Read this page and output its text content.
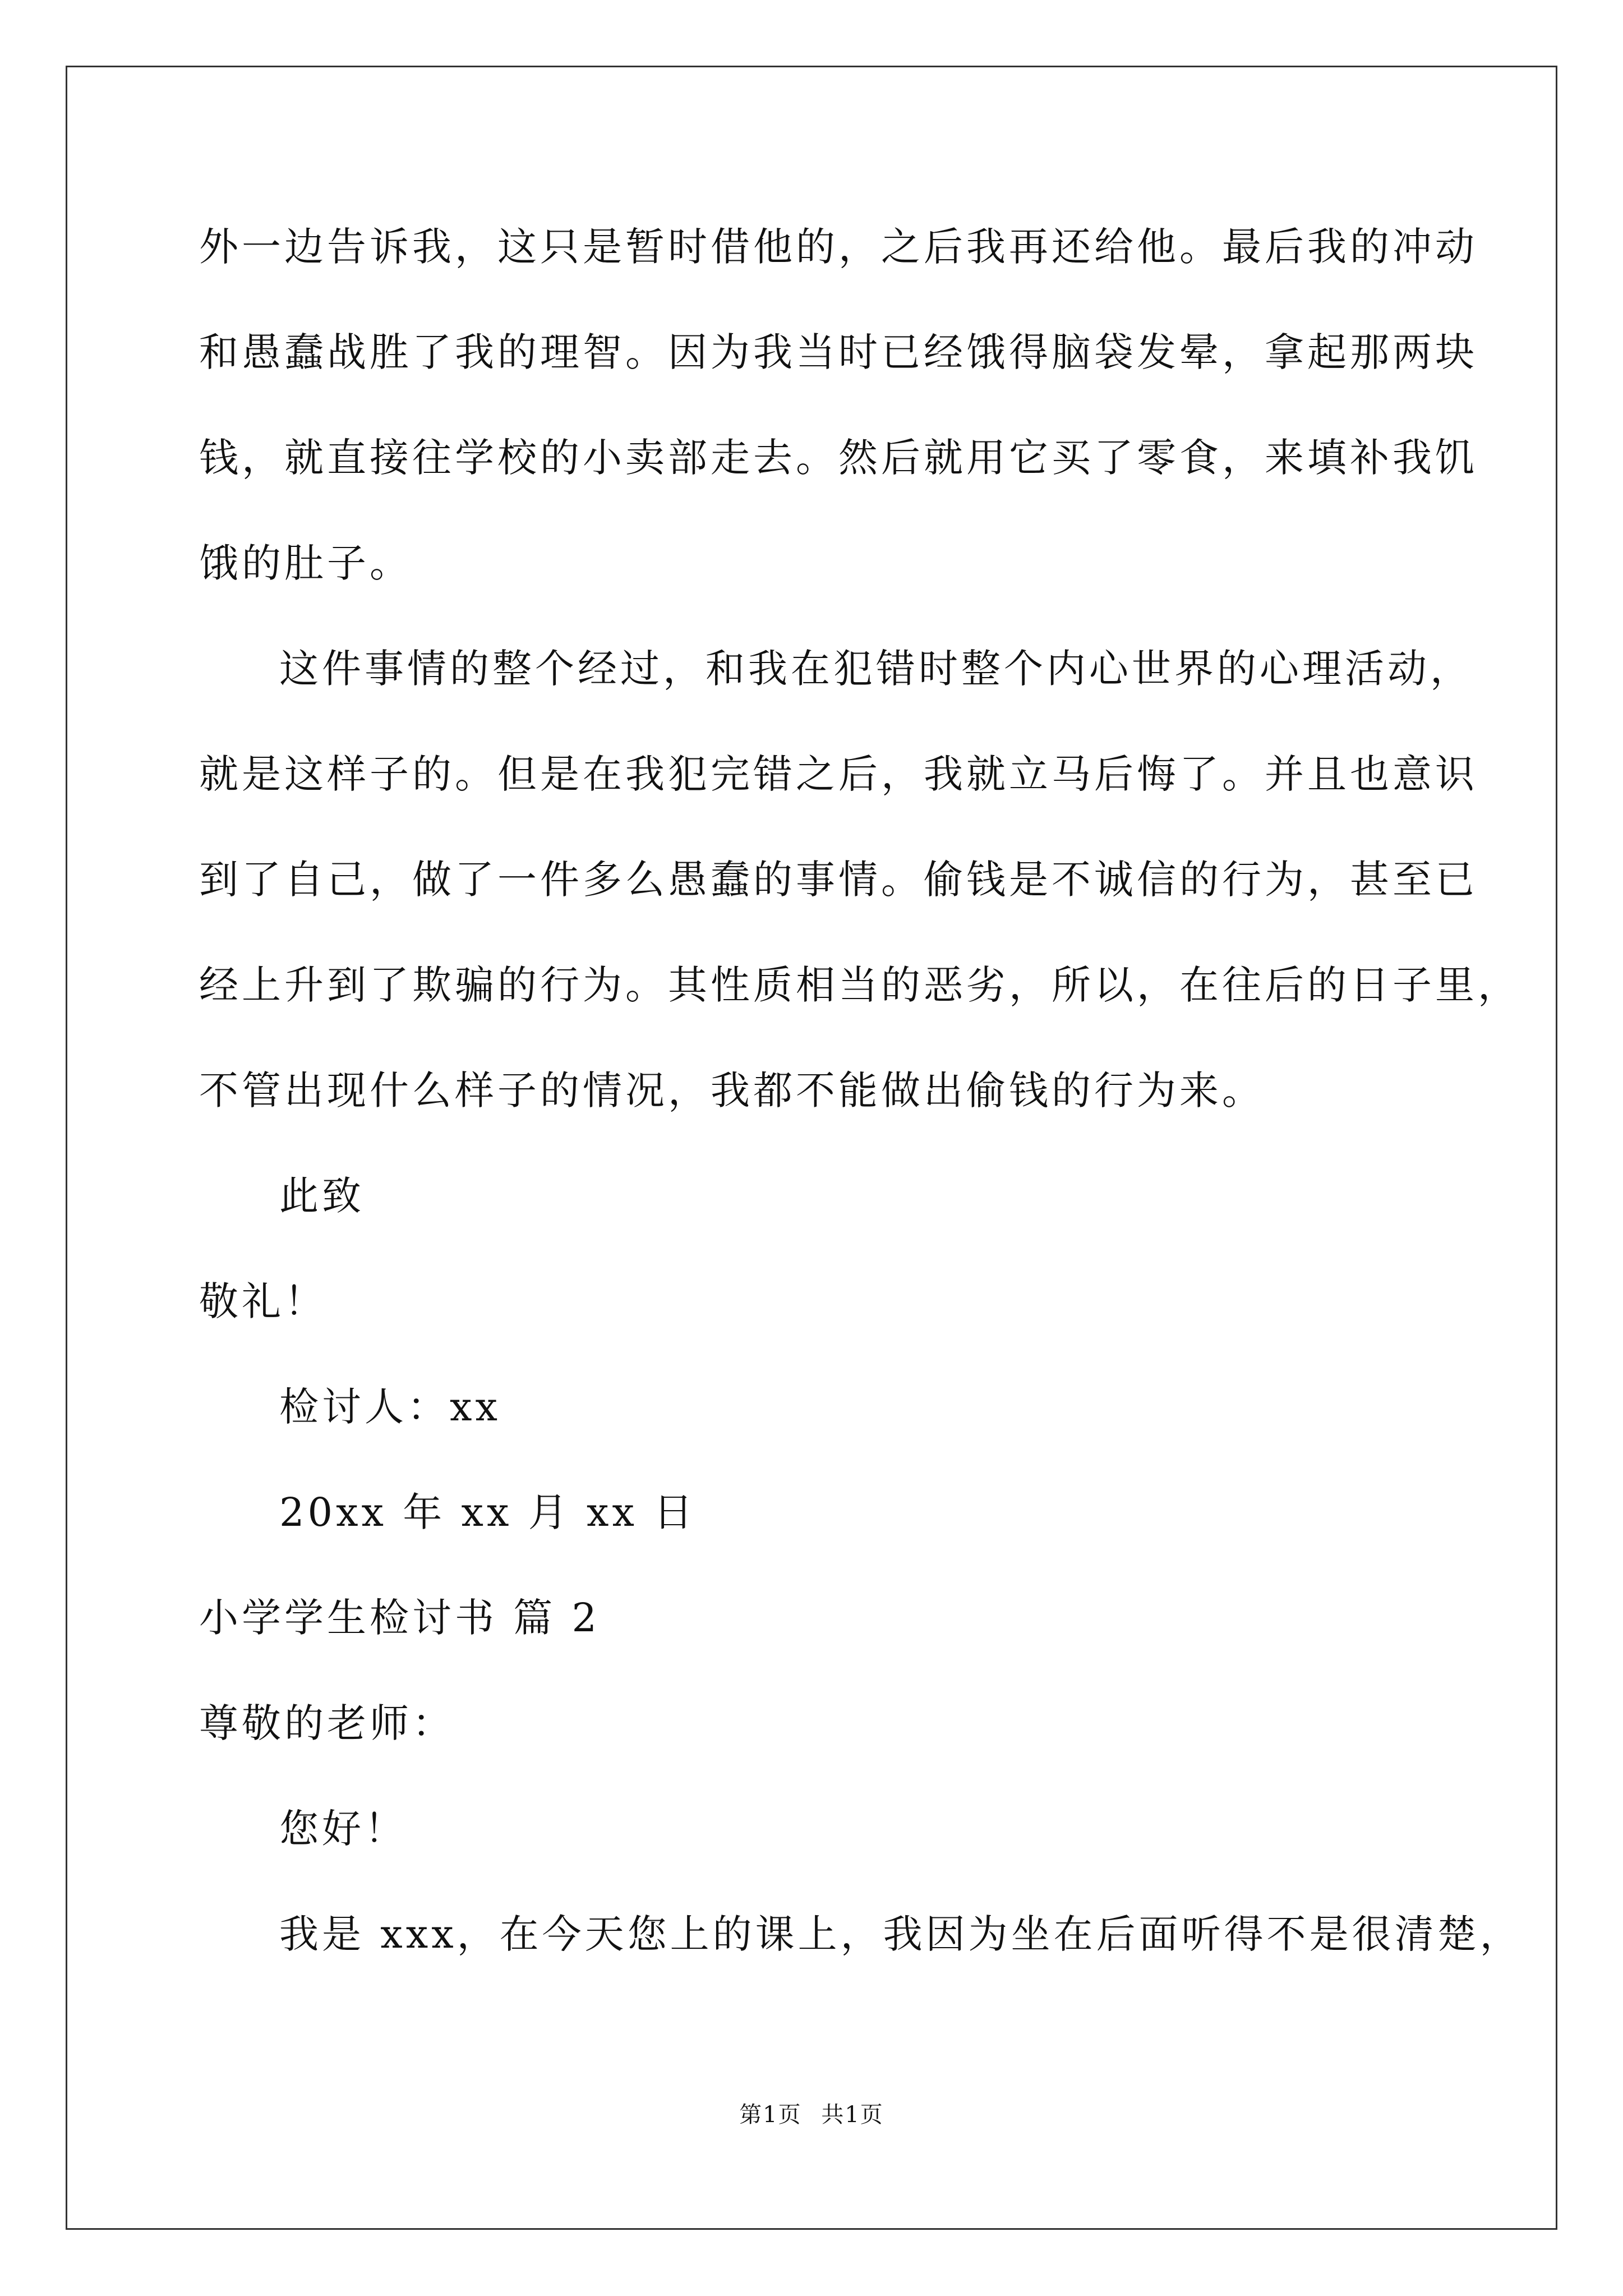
外一边告诉我，这只是暂时借他的，之后我再还给他。最后我的冲动
和愚蠢战胜了我的理智。因为我当时已经饿得脑袋发晕，拿起那两块
钱，就直接往学校的小卖部走去。然后就用它买了零食，来填补我饥
饿的肚子。
这件事情的整个经过，和我在犯错时整个内心世界的心理活动，
就是这样子的。但是在我犯完错之后，我就立马后悔了。并且也意识
到了自己，做了一件多么愚蠢的事情。偷钱是不诚信的行为，甚至已
经上升到了欺骗的行为。其性质相当的恶劣，所以，在往后的日子里，
不管出现什么样子的情况，我都不能做出偷钱的行为来。
此致
敬礼！
检讨人：xx
20xx 年 xx 月 xx 日
小学学生检讨书 篇 2
尊敬的老师：
您好！
我是 xxx，在今天您上的课上，我因为坐在后面听得不是很清楚，
第1页 共1页
